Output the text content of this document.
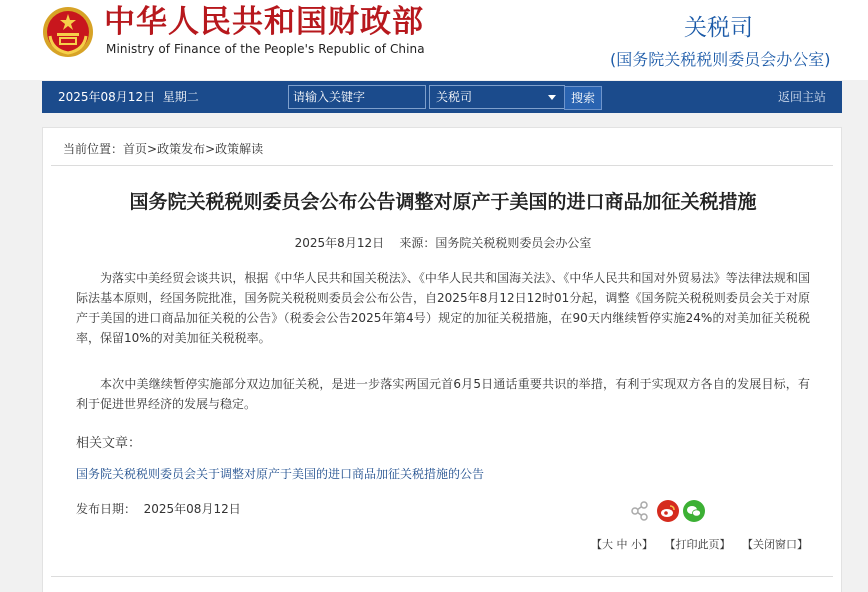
中华人民共和国财政部
Ministry of Finance of the People's Republic of China
关税司
(国务院关税税则委员会办公室)
2025年08月12日  星期二
请输入关键字	关税司	搜索	返回主站
当前位置：首页>政策发布>政策解读
国务院关税税则委员会公布公告调整对原产于美国的进口商品加征关税措施
2025年8月12日    来源：国务院关税税则委员会办公室
为落实中美经贸会谈共识，根据《中华人民共和国关税法》、《中华人民共和国海关法》、《中华人民共和国对外贸易法》等法律法规和国际法基本原则，经国务院批准，国务院关税税则委员会公布公告，自2025年8月12日12时01分起，调整《国务院关税税则委员会关于对原产于美国的进口商品加征关税的公告》（税委会公告2025年第4号）规定的加征关税措施，在90天内继续暂停实施24%的对美加征关税税率，保留10%的对美加征关税税率。
本次中美继续暂停实施部分双边加征关税，是进一步落实两国元首6月5日通话重要共识的举措，有利于实现双方各自的发展目标，有利于促进世界经济的发展与稳定。
相关文章：
国务院关税税则委员会关于调整对原产于美国的进口商品加征关税措施的公告
发布日期：  2025年08月12日
【大 中 小】 【打印此页】 【关闭窗口】
